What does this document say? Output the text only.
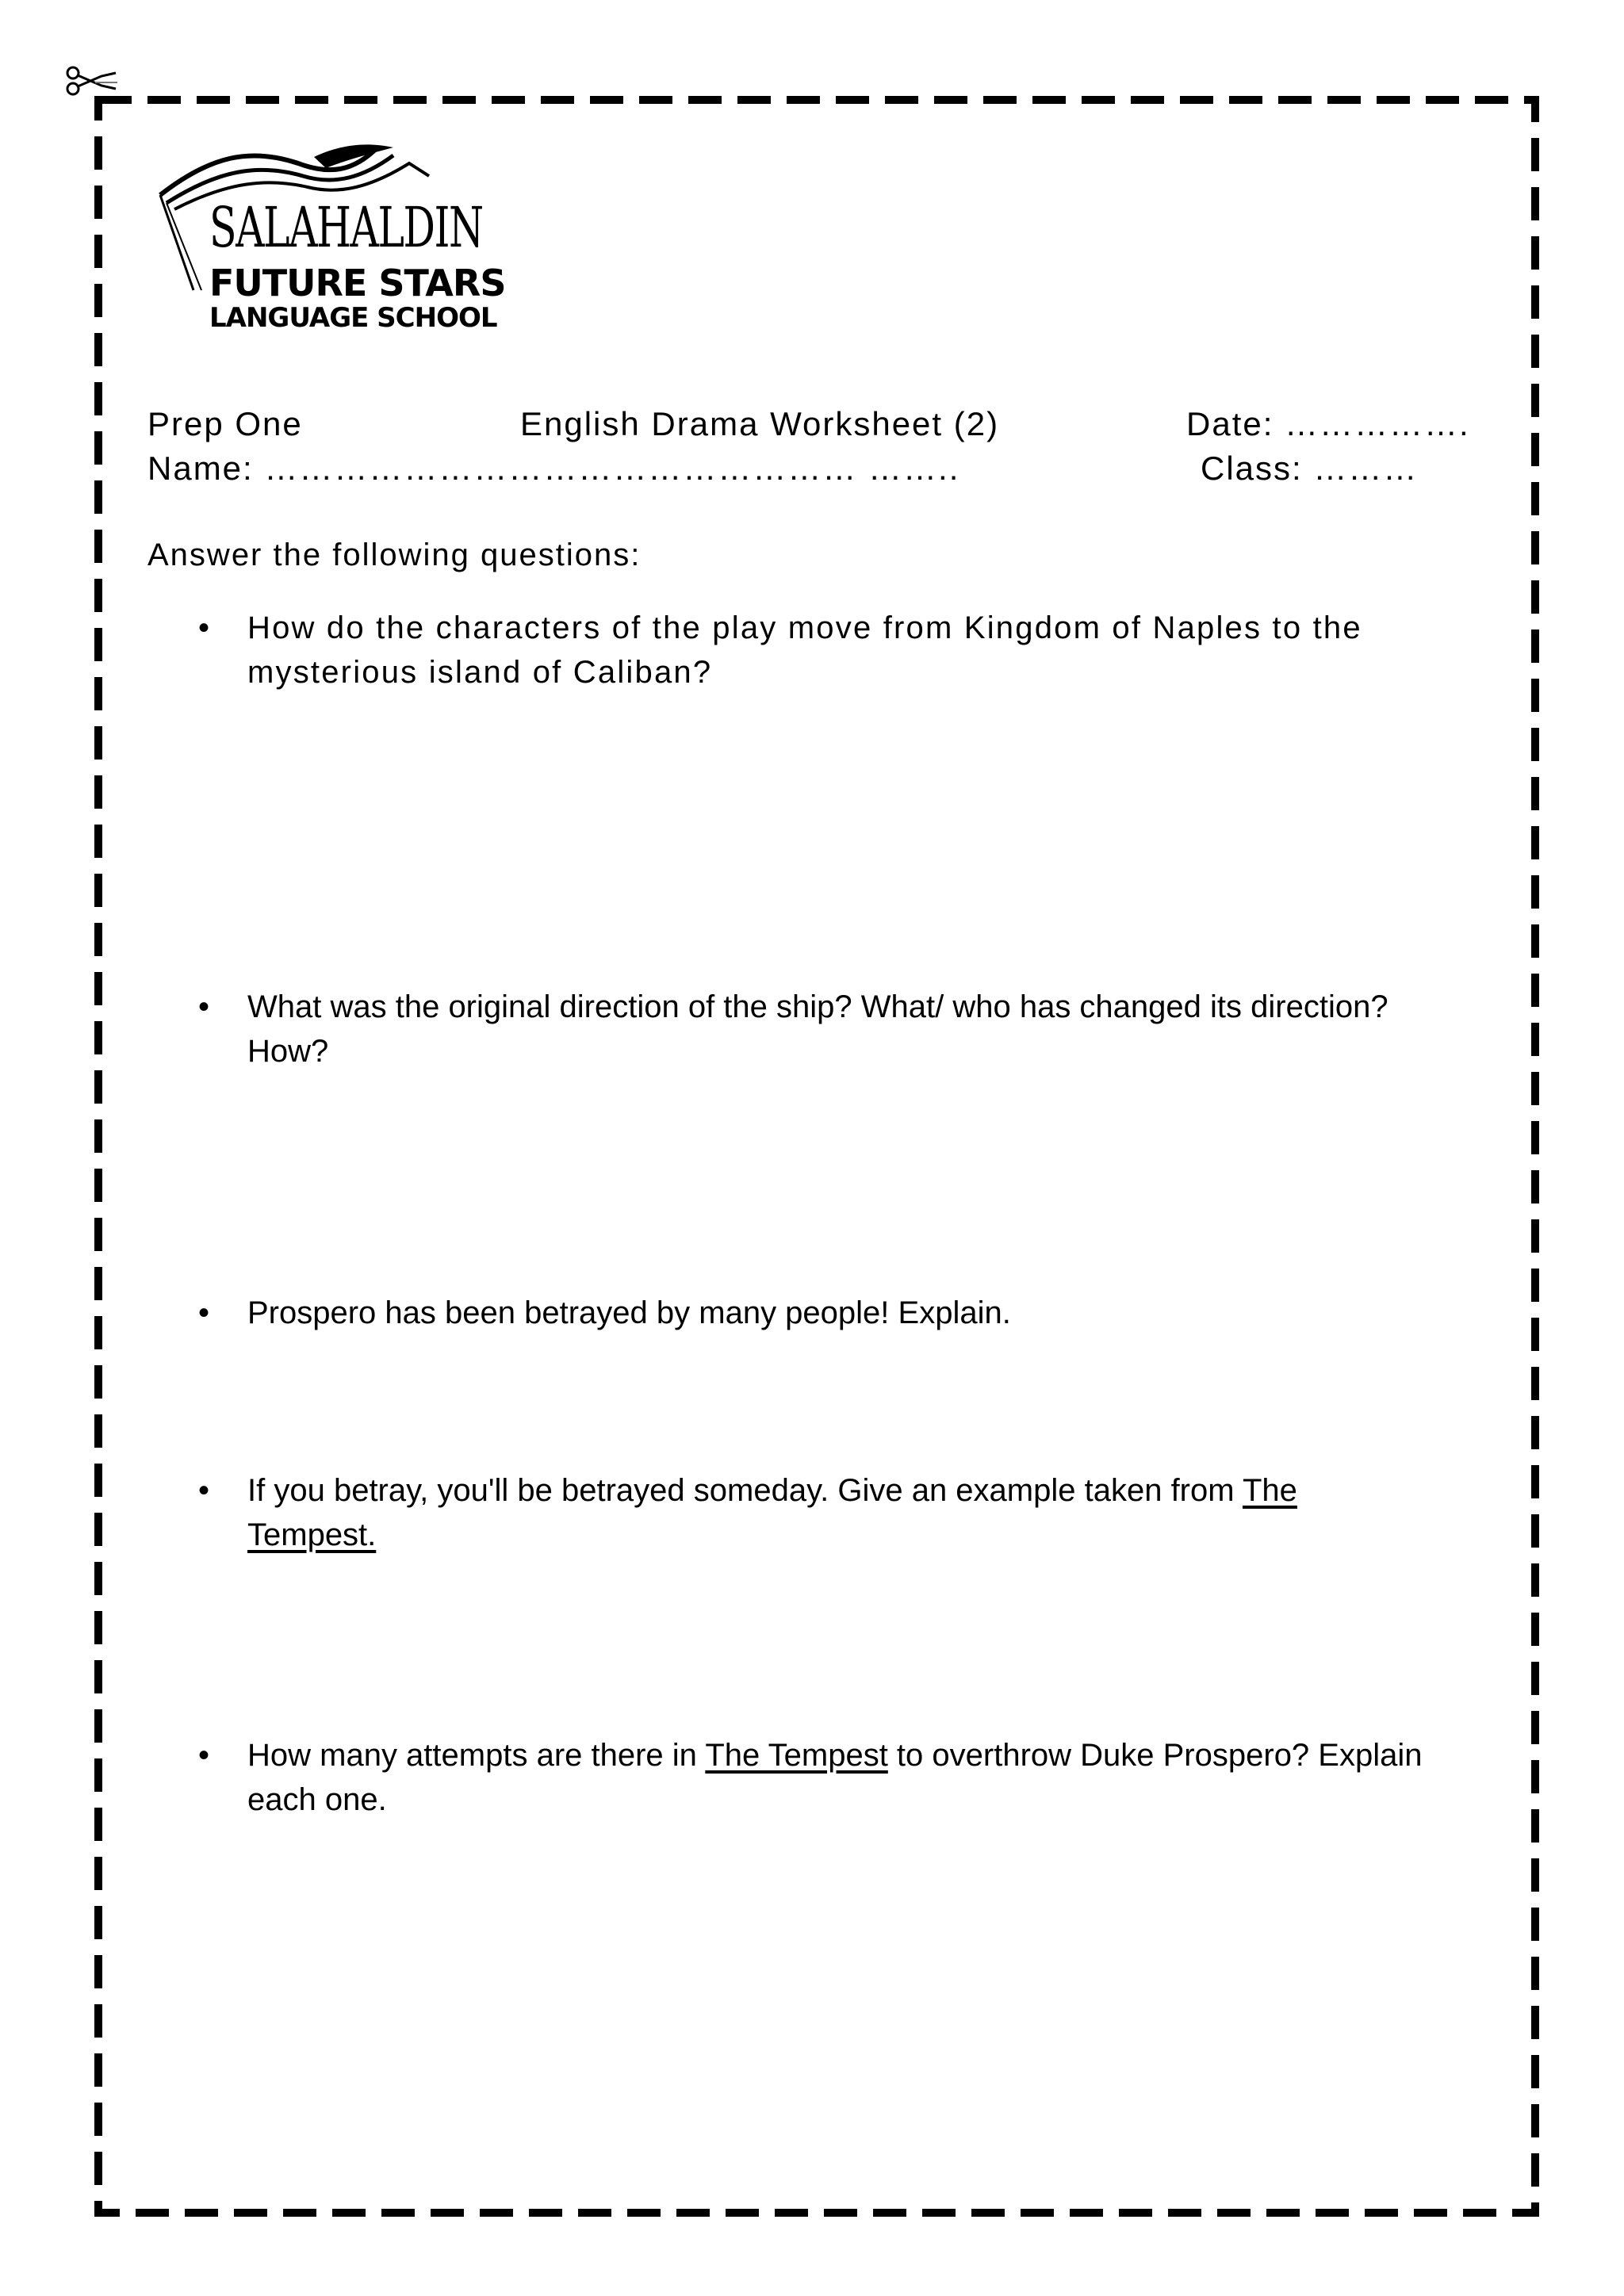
SALAHALDIN
FUTURE STARS
LANGUAGE SCHOOL
Prep One	English Drama Worksheet (2)	Date: …………….
Name: …………………………………………… ……..	Class: ………
Answer the following questions:
• How do the characters of the play move from Kingdom of Naples to the
mysterious island of Caliban?
• What was the original direction of the ship? What/ who has changed its direction?
How?
• Prospero has been betrayed by many people! Explain.
• If you betray, you'll be betrayed someday. Give an example taken from The
Tempest.
• How many attempts are there in The Tempest to overthrow Duke Prospero? Explain
each one.
